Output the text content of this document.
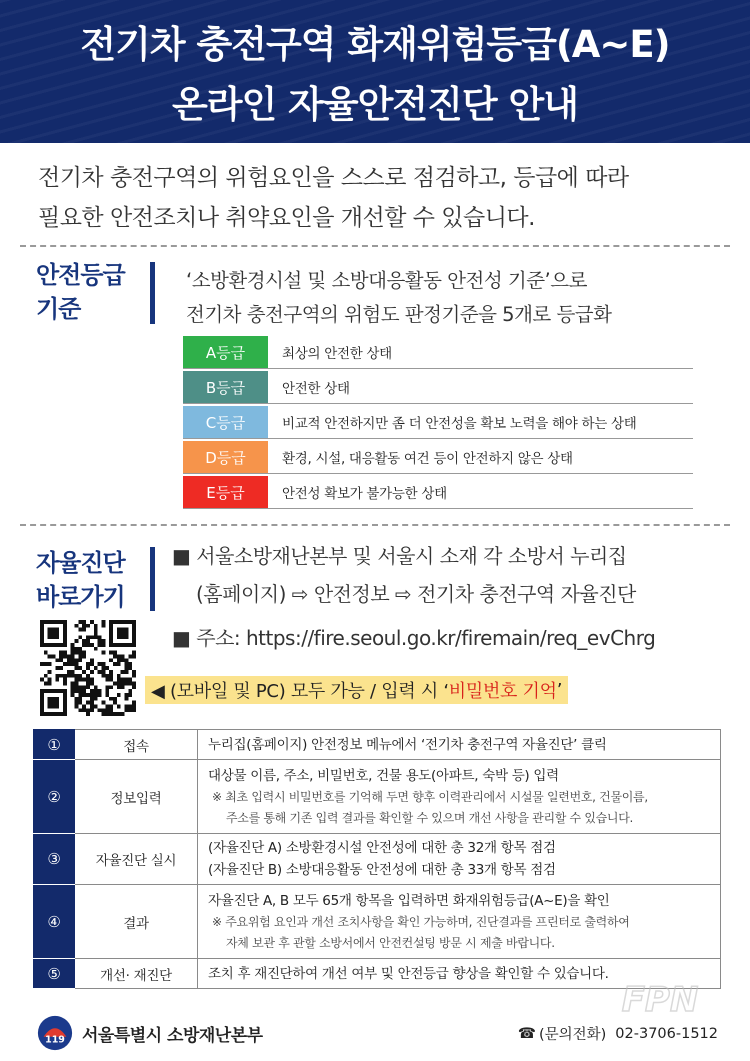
전기차 충전구역 화재위험등급(A~E)
온라인 자율안전진단 안내
전기차 충전구역의 위험요인을 스스로 점검하고, 등급에 따라
필요한 안전조치나 취약요인을 개선할 수 있습니다.
안전등급
기준
‘소방환경시설 및 소방대응활동 안전성 기준’으로
전기차 충전구역의 위험도 판정기준을 5개로 등급화
A등급	최상의 안전한 상태
B등급	안전한 상태
C등급	비교적 안전하지만 좀 더 안전성을 확보 노력을 해야 하는 상태
D등급	환경, 시설, 대응활동 여건 등이 안전하지 않은 상태
E등급	안전성 확보가 불가능한 상태
자율진단
바로가기
■ 서울소방재난본부 및 서울시 소재 각 소방서 누리집
(홈페이지) ⇨ 안전정보 ⇨ 전기차 충전구역 자율진단
■ 주소: https://fire.seoul.go.kr/firemain/req_evChrg
◀ (모바일 및 PC) 모두 가능 / 입력 시 ‘ 비밀번호 기억 ’
①	접속	누리집(홈페이지) 안전정보 메뉴에서 ‘전기차 충전구역 자율진단’ 클릭

②	정보입력	대상물 이름, 주소, 비밀번호, 건물 용도(아파트, 숙박 등) 입력
※ 최초 입력시 비밀번호를 기억해 두면 향후 이력관리에서 시설물 일련번호, 건물이름,
주소를 통해 기존 입력 결과를 확인할 수 있으며 개선 사항을 관리할 수 있습니다.

③	자율진단 실시	(자율진단 A) 소방환경시설 안전성에 대한 총 32개 항목 점검
(자율진단 B) 소방대응활동 안전성에 대한 총 33개 항목 점검

④	결과	자율진단 A, B 모두 65개 항목을 입력하면 화재위험등급(A~E)을 확인
※ 주요위험 요인과 개선 조치사항을 확인 가능하며, 진단결과를 프린터로 출력하여
자체 보관 후 관할 소방서에서 안전컨설팅 방문 시 제출 바랍니다.

⑤	개선· 재진단	조치 후 재진단하여 개선 여부 및 안전등급 향상을 확인할 수 있습니다.
119 서울특별시 소방재난본부	☎ (문의전화) 02-3706-1512
FPN
